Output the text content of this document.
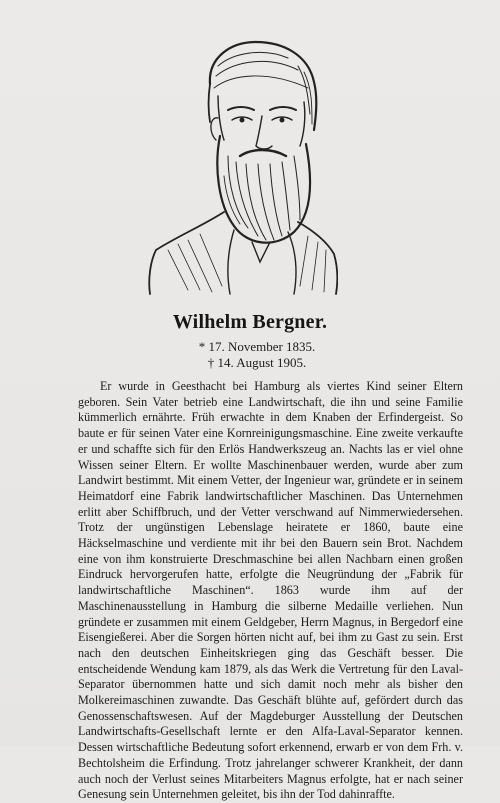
Wilhelm Bergner.
* 17. November 1835.
† 14. August 1905.
Er wurde in Geesthacht bei Hamburg als viertes Kind seiner Eltern geboren. Sein Vater betrieb eine Landwirtschaft, die ihn und seine Familie kümmerlich ernährte. Früh erwachte in dem Knaben der Erfindergeist. So baute er für seinen Vater eine Kornreinigungsmaschine. Eine zweite verkaufte er und schaffte sich für den Erlös Handwerkszeug an. Nachts las er viel ohne Wissen seiner Eltern. Er wollte Maschinenbauer werden, wurde aber zum Landwirt bestimmt. Mit einem Vetter, der Ingenieur war, gründete er in seinem Heimatdorf eine Fabrik landwirtschaftlicher Maschinen. Das Unternehmen erlitt aber Schiffbruch, und der Vetter verschwand auf Nimmerwiedersehen. Trotz der ungünstigen Lebenslage heiratete er 1860, baute eine Häckselmaschine und verdiente mit ihr bei den Bauern sein Brot. Nachdem eine von ihm konstruierte Dreschmaschine bei allen Nachbarn einen großen Eindruck hervorgerufen hatte, erfolgte die Neugründung der „Fabrik für landwirtschaftliche Maschinen“. 1863 wurde ihm auf der Maschinenausstellung in Hamburg die silberne Medaille verliehen. Nun gründete er zusammen mit einem Geldgeber, Herrn Magnus, in Bergedorf eine Eisengießerei. Aber die Sorgen hörten nicht auf, bei ihm zu Gast zu sein. Erst nach den deutschen Einheitskriegen ging das Geschäft besser. Die entscheidende Wendung kam 1879, als das Werk die Vertretung für den Laval-Separator übernommen hatte und sich damit noch mehr als bisher den Molkereimaschinen zuwandte. Das Geschäft blühte auf, gefördert durch das Genossenschaftswesen. Auf der Magdeburger Ausstellung der Deutschen Landwirtschafts-Gesellschaft lernte er den Alfa-Laval-Separator kennen. Dessen wirtschaftliche Bedeutung sofort erkennend, erwarb er von dem Frh. v. Bechtolsheim die Erfindung. Trotz jahrelanger schwerer Krankheit, der dann auch noch der Verlust seines Mitarbeiters Magnus erfolgte, hat er nach seiner Genesung sein Unternehmen geleitet, bis ihn der Tod dahinraffte.
